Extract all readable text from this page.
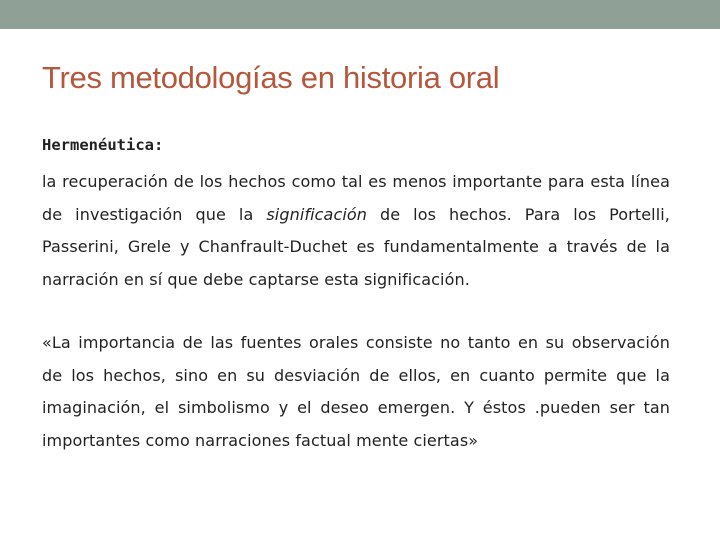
Tres metodologías en historia oral
Hermenéutica:

la recuperación de los hechos como tal es menos importante para esta línea de investigación que la significación de los hechos. Para los Portelli, Passerini, Grele y Chanfrault-Duchet es fundamentalmente a través de la narración en sí que debe captarse esta significación.

«La importancia de las fuentes orales consiste no tanto en su observación de los hechos, sino en su desviación de ellos, en cuanto permite que la imaginación, el simbolismo y el deseo emergen. Y éstos .pueden ser tan importantes como narraciones factual mente ciertas»
